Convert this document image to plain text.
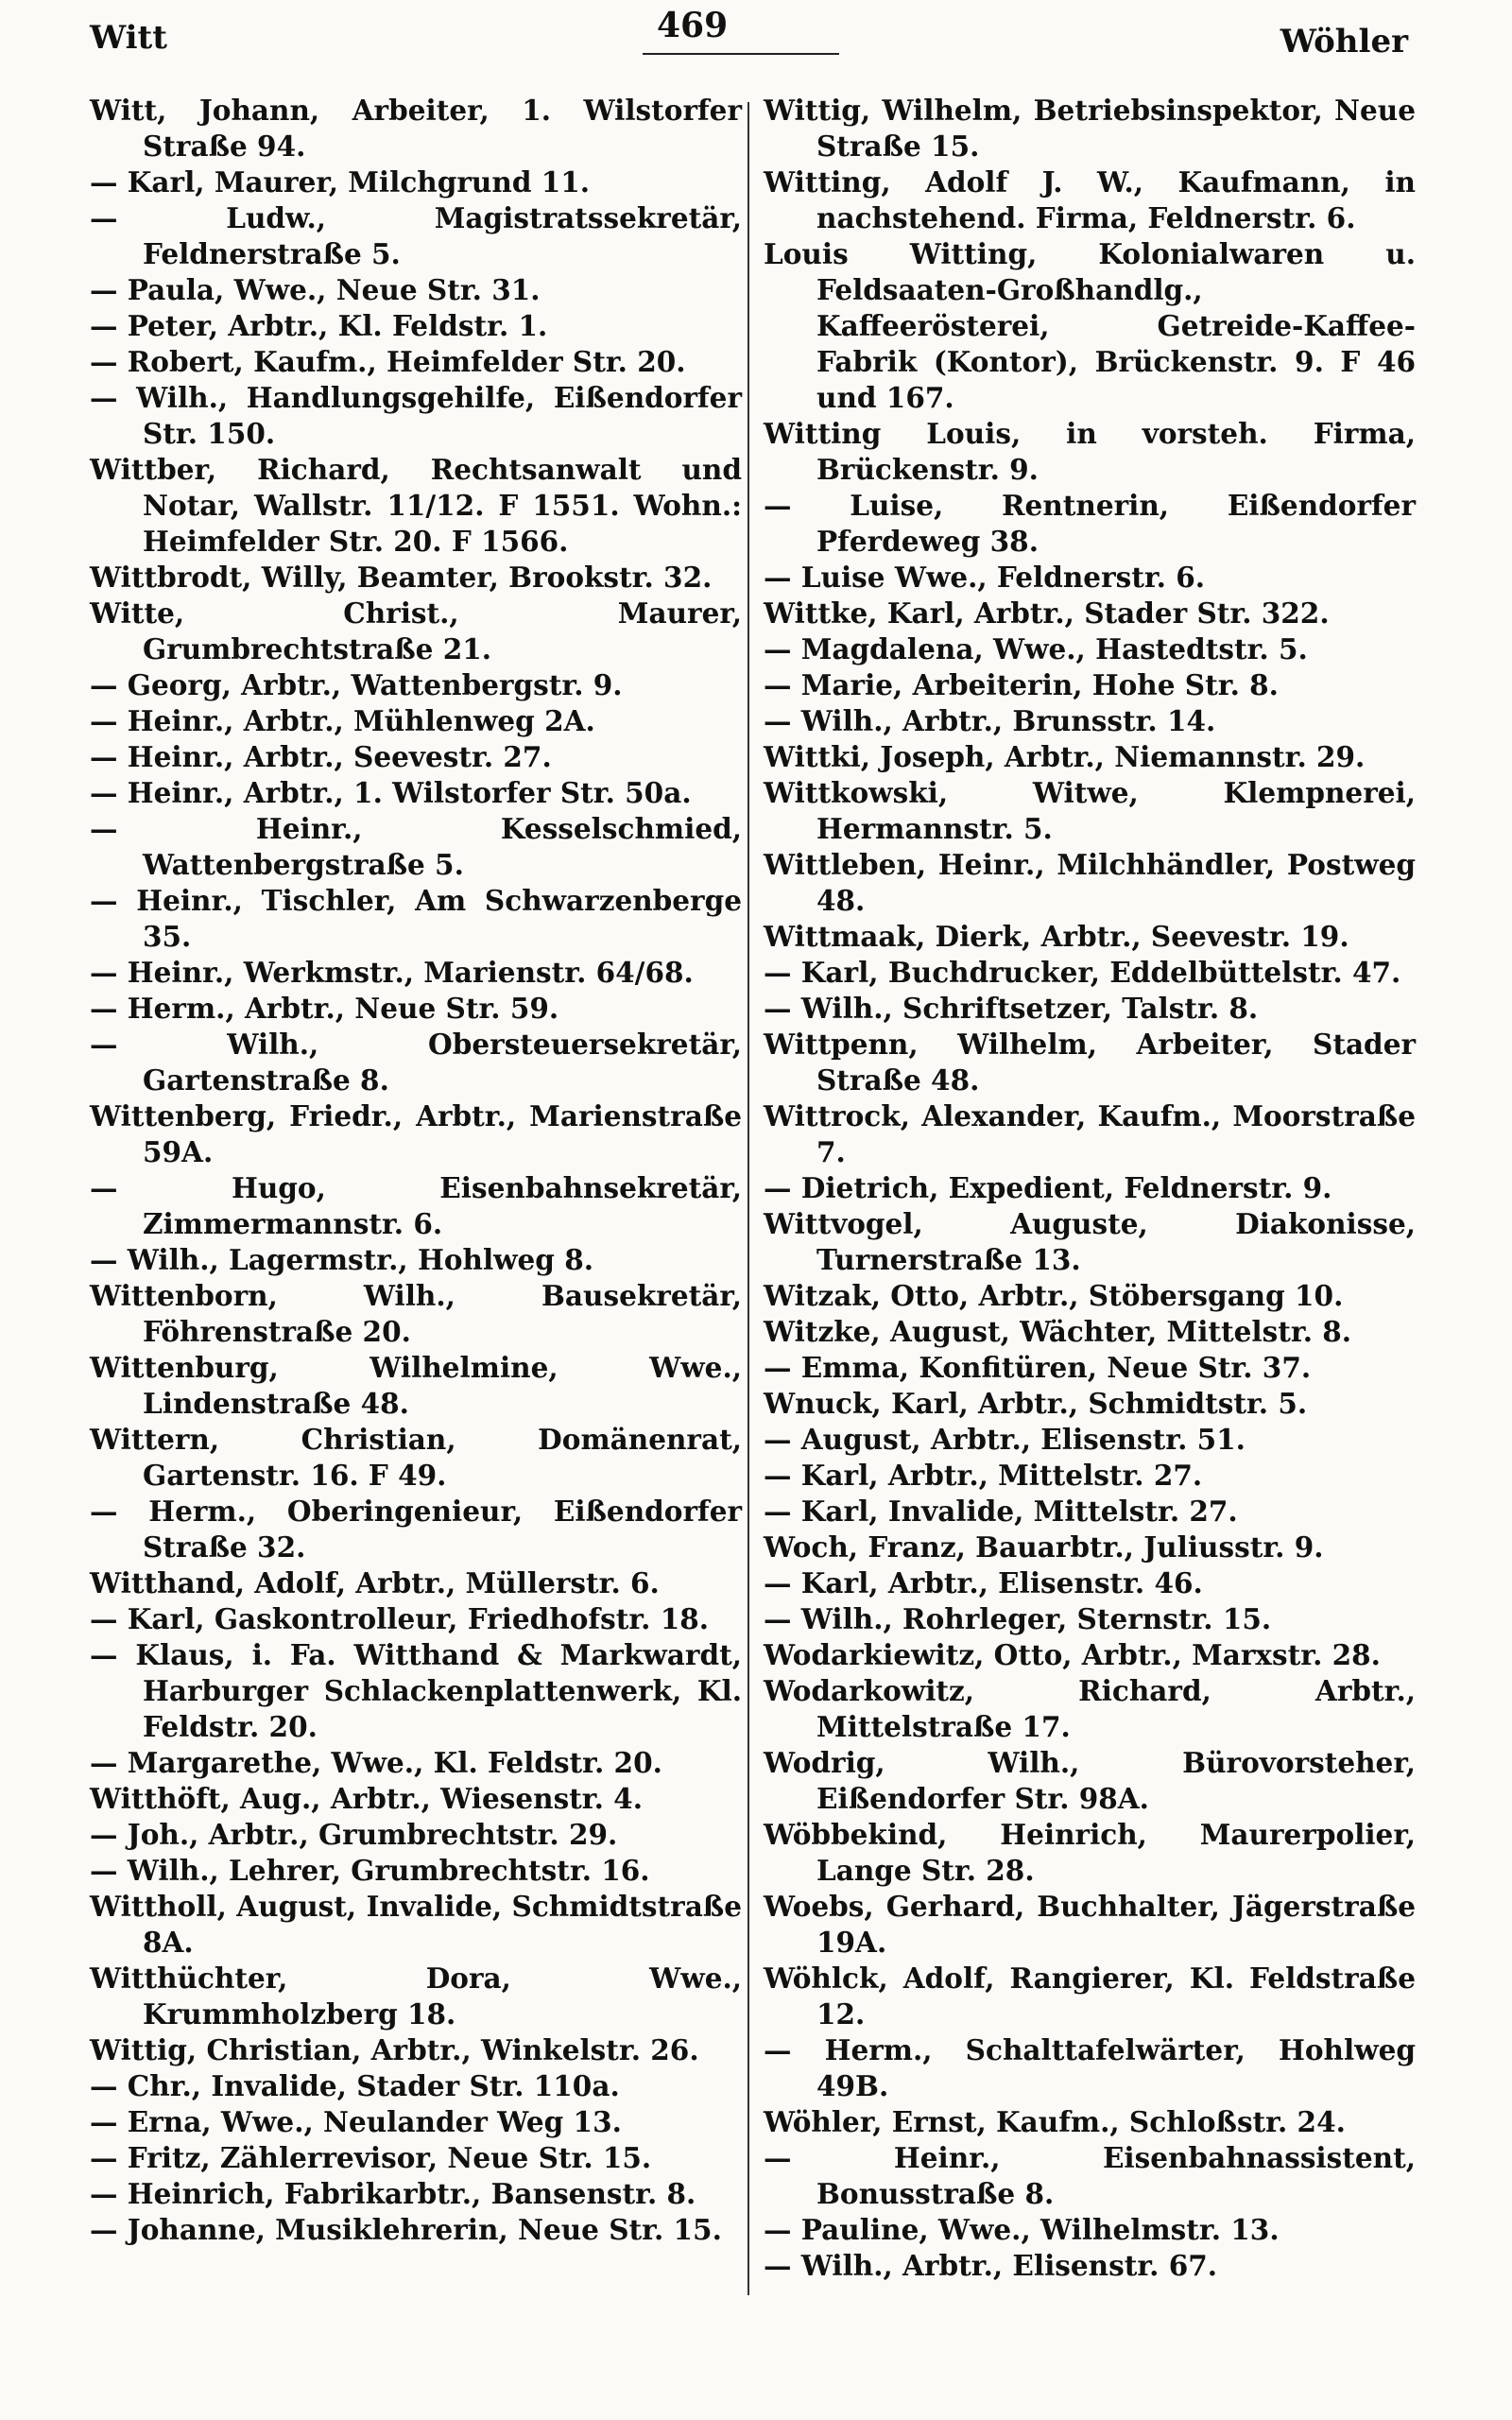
Witt	469	Wöhler

Witt, Johann, Arbeiter, 1. Wilstorfer Straße 94.

— Karl, Maurer, Milchgrund 11.

— Ludw., Magistratssekretär, Feldnerstraße 5.

— Paula, Wwe., Neue Str. 31.

— Peter, Arbtr., Kl. Feldstr. 1.

— Robert, Kaufm., Heimfelder Str. 20.

— Wilh., Handlungsgehilfe, Eißendorfer Str. 150.

Wittber, Richard, Rechtsanwalt und Notar, Wallstr. 11/12. F 1551. Wohn.: Heimfelder Str. 20. F 1566.

Wittbrodt, Willy, Beamter, Brookstr. 32.

Witte, Christ., Maurer, Grumbrechtstraße 21.

— Georg, Arbtr., Wattenbergstr. 9.

— Heinr., Arbtr., Mühlenweg 2A.

— Heinr., Arbtr., Seevestr. 27.

— Heinr., Arbtr., 1. Wilstorfer Str. 50a.

— Heinr., Kesselschmied, Wattenbergstraße 5.

— Heinr., Tischler, Am Schwarzenberge 35.

— Heinr., Werkmstr., Marienstr. 64/68.

— Herm., Arbtr., Neue Str. 59.

— Wilh., Obersteuersekretär, Gartenstraße 8.

Wittenberg, Friedr., Arbtr., Marienstraße 59A.

— Hugo, Eisenbahnsekretär, Zimmermannstr. 6.

— Wilh., Lagermstr., Hohlweg 8.

Wittenborn, Wilh., Bausekretär, Föhrenstraße 20.

Wittenburg, Wilhelmine, Wwe., Lindenstraße 48.

Wittern, Christian, Domänenrat, Gartenstr. 16. F 49.

— Herm., Oberingenieur, Eißendorfer Straße 32.

Witthand, Adolf, Arbtr., Müllerstr. 6.

— Karl, Gaskontrolleur, Friedhofstr. 18.

— Klaus, i. Fa. Witthand & Markwardt, Harburger Schlackenplattenwerk, Kl. Feldstr. 20.

— Margarethe, Wwe., Kl. Feldstr. 20.

Witthöft, Aug., Arbtr., Wiesenstr. 4.

— Joh., Arbtr., Grumbrechtstr. 29.

— Wilh., Lehrer, Grumbrechtstr. 16.

Wittholl, August, Invalide, Schmidtstraße 8A.

Witthüchter, Dora, Wwe., Krummholzberg 18.

Wittig, Christian, Arbtr., Winkelstr. 26.

— Chr., Invalide, Stader Str. 110a.

— Erna, Wwe., Neulander Weg 13.

— Fritz, Zählerrevisor, Neue Str. 15.

— Heinrich, Fabrikarbtr., Bansenstr. 8.

— Johanne, Musiklehrerin, Neue Str. 15.

Wittig, Wilhelm, Betriebsinspektor, Neue Straße 15.

Witting, Adolf J. W., Kaufmann, in nachstehend. Firma, Feldnerstr. 6.

Louis Witting, Kolonialwaren u. Feldsaaten-Großhandlg., Kaffeerösterei, Getreide-Kaffee-Fabrik (Kontor), Brückenstr. 9. F 46 und 167.

Witting Louis, in vorsteh. Firma, Brückenstr. 9.

— Luise, Rentnerin, Eißendorfer Pferdeweg 38.

— Luise Wwe., Feldnerstr. 6.

Wittke, Karl, Arbtr., Stader Str. 322.

— Magdalena, Wwe., Hastedtstr. 5.

— Marie, Arbeiterin, Hohe Str. 8.

— Wilh., Arbtr., Brunsstr. 14.

Wittki, Joseph, Arbtr., Niemannstr. 29.

Wittkowski, Witwe, Klempnerei, Hermannstr. 5.

Wittleben, Heinr., Milchhändler, Postweg 48.

Wittmaak, Dierk, Arbtr., Seevestr. 19.

— Karl, Buchdrucker, Eddelbüttelstr. 47.

— Wilh., Schriftsetzer, Talstr. 8.

Wittpenn, Wilhelm, Arbeiter, Stader Straße 48.

Wittrock, Alexander, Kaufm., Moorstraße 7.

— Dietrich, Expedient, Feldnerstr. 9.

Wittvogel, Auguste, Diakonisse, Turnerstraße 13.

Witzak, Otto, Arbtr., Stöbersgang 10.

Witzke, August, Wächter, Mittelstr. 8.

— Emma, Konfitüren, Neue Str. 37.

Wnuck, Karl, Arbtr., Schmidtstr. 5.

— August, Arbtr., Elisenstr. 51.

— Karl, Arbtr., Mittelstr. 27.

— Karl, Invalide, Mittelstr. 27.

Woch, Franz, Bauarbtr., Juliusstr. 9.

— Karl, Arbtr., Elisenstr. 46.

— Wilh., Rohrleger, Sternstr. 15.

Wodarkiewitz, Otto, Arbtr., Marxstr. 28.

Wodarkowitz, Richard, Arbtr., Mittelstraße 17.

Wodrig, Wilh., Bürovorsteher, Eißendorfer Str. 98A.

Wöbbekind, Heinrich, Maurerpolier, Lange Str. 28.

Woebs, Gerhard, Buchhalter, Jägerstraße 19A.

Wöhlck, Adolf, Rangierer, Kl. Feldstraße 12.

— Herm., Schalttafelwärter, Hohlweg 49B.

Wöhler, Ernst, Kaufm., Schloßstr. 24.

— Heinr., Eisenbahnassistent, Bonusstraße 8.

— Pauline, Wwe., Wilhelmstr. 13.

— Wilh., Arbtr., Elisenstr. 67.
